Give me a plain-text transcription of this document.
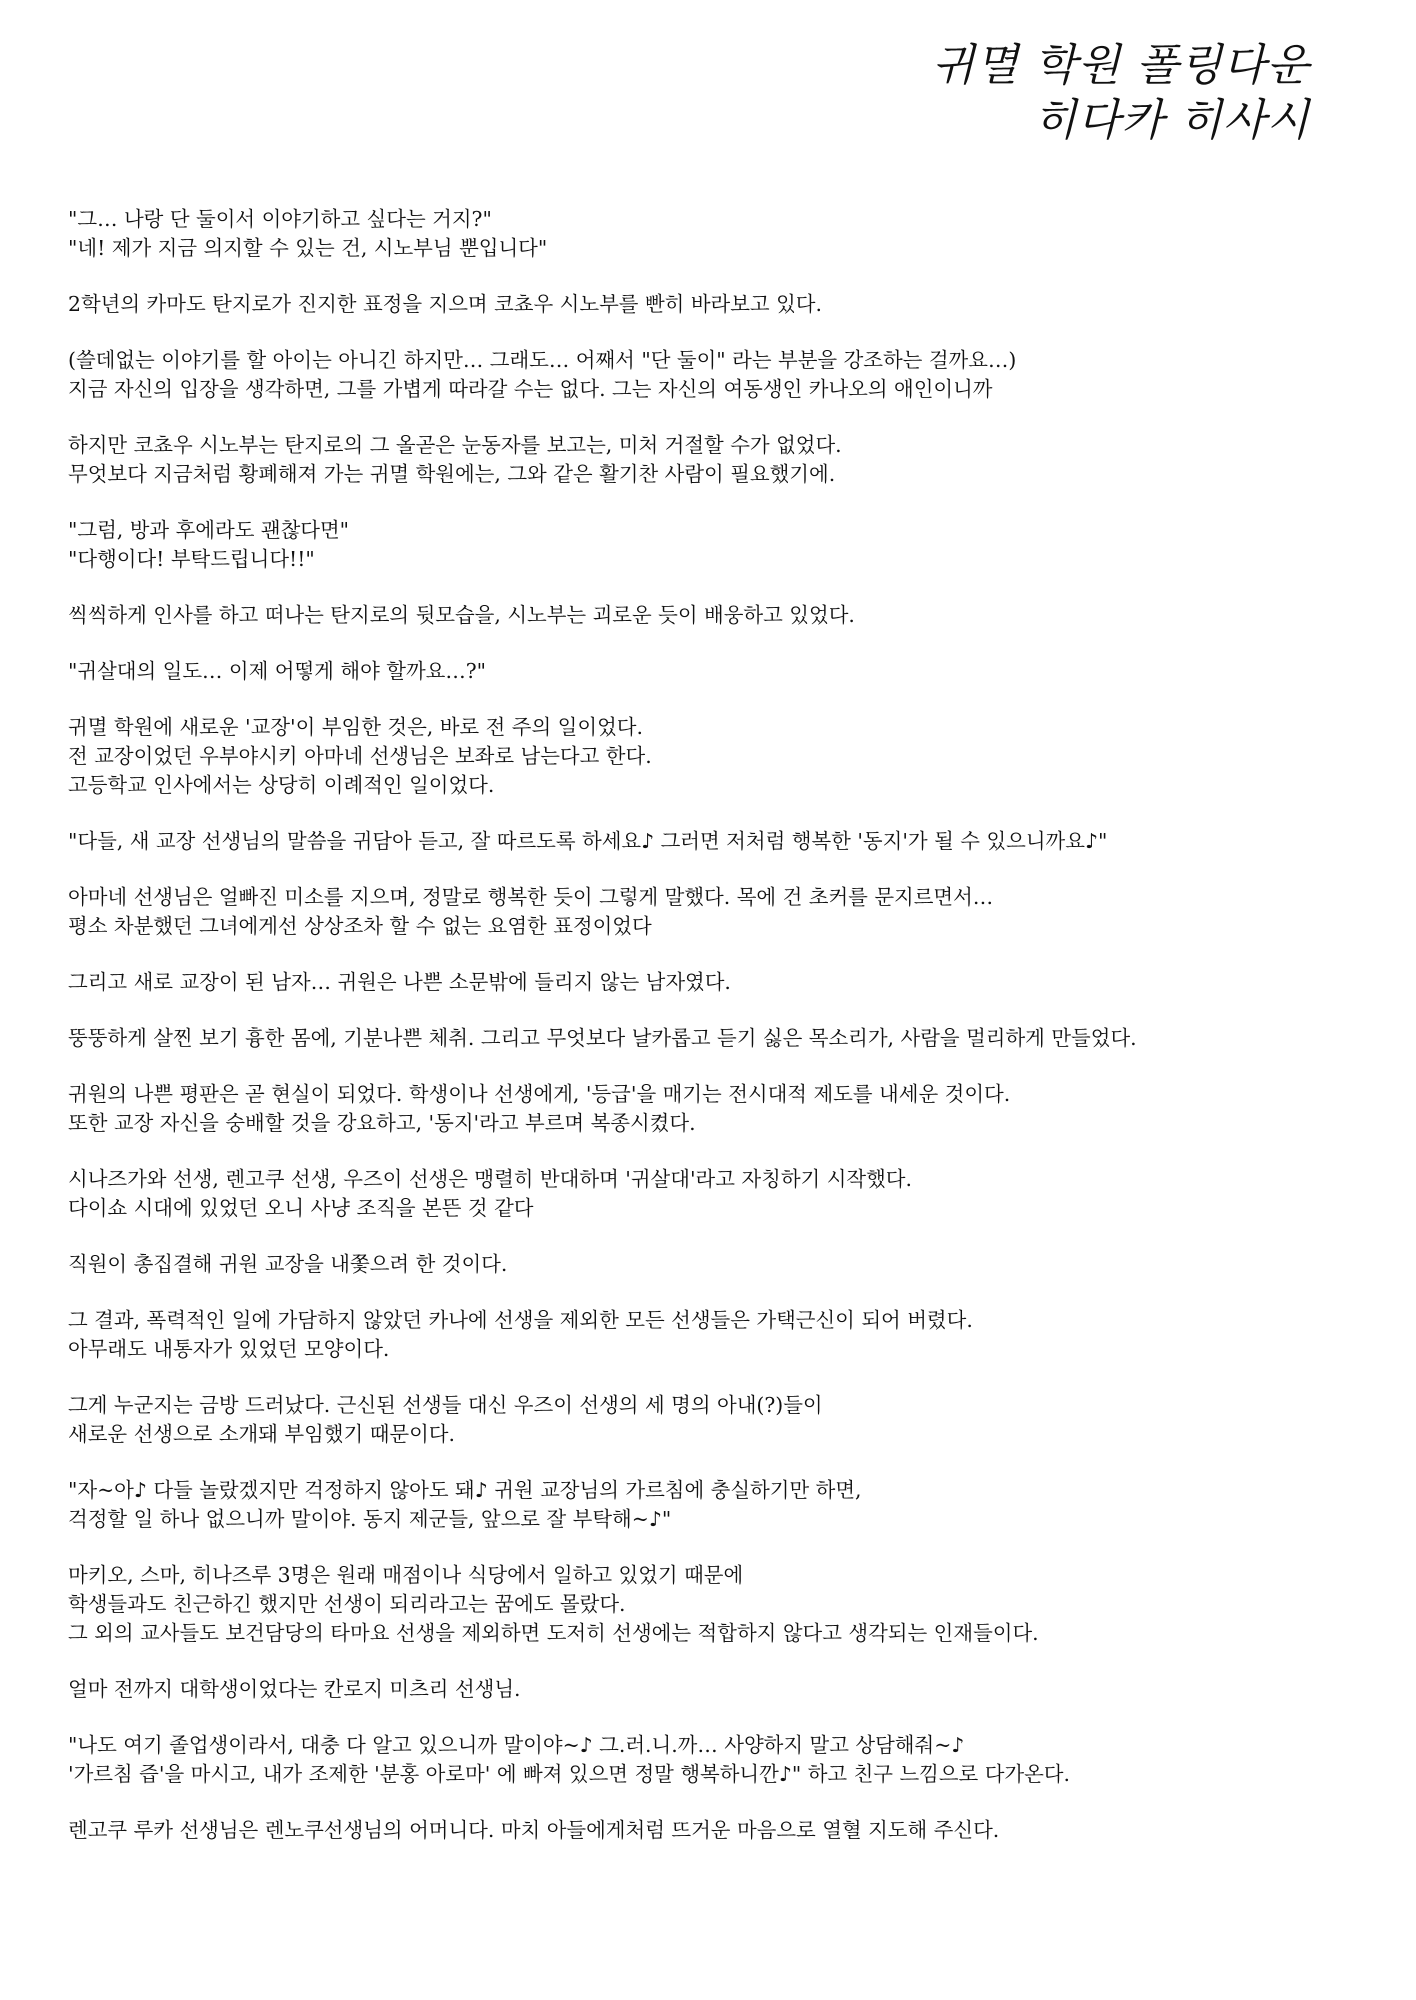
귀멸 학원 폴링다운
히다카 히사시
"그… 나랑 단 둘이서 이야기하고 싶다는 거지?"
"네! 제가 지금 의지할 수 있는 건, 시노부님 뿐입니다"
2학년의 카마도 탄지로가 진지한 표정을 지으며 코쵸우 시노부를 빤히 바라보고 있다.
(쓸데없는 이야기를 할 아이는 아니긴 하지만… 그래도… 어째서 "단 둘이" 라는 부분을 강조하는 걸까요…)
지금 자신의 입장을 생각하면, 그를 가볍게 따라갈 수는 없다. 그는 자신의 여동생인 카나오의 애인이니까
하지만 코쵸우 시노부는 탄지로의 그 올곧은 눈동자를 보고는, 미처 거절할 수가 없었다.
무엇보다 지금처럼 황폐해져 가는 귀멸 학원에는, 그와 같은 활기찬 사람이 필요했기에.
"그럼, 방과 후에라도 괜찮다면"
"다행이다! 부탁드립니다!!"
씩씩하게 인사를 하고 떠나는 탄지로의 뒷모습을, 시노부는 괴로운 듯이 배웅하고 있었다.
"귀살대의 일도… 이제 어떻게 해야 할까요…?"
귀멸 학원에 새로운 '교장'이 부임한 것은, 바로 전 주의 일이었다.
전 교장이었던 우부야시키 아마네 선생님은 보좌로 남는다고 한다.
고등학교 인사에서는 상당히 이례적인 일이었다.
"다들, 새 교장 선생님의 말씀을 귀담아 듣고, 잘 따르도록 하세요♪ 그러면 저처럼 행복한 '동지'가 될 수 있으니까요♪"
아마네 선생님은 얼빠진 미소를 지으며, 정말로 행복한 듯이 그렇게 말했다. 목에 건 초커를 문지르면서…
평소 차분했던 그녀에게선 상상조차 할 수 없는 요염한 표정이었다
그리고 새로 교장이 된 남자… 귀원은 나쁜 소문밖에 들리지 않는 남자였다.
뚱뚱하게 살찐 보기 흉한 몸에, 기분나쁜 체취. 그리고 무엇보다 날카롭고 듣기 싫은 목소리가, 사람을 멀리하게 만들었다.
귀원의 나쁜 평판은 곧 현실이 되었다. 학생이나 선생에게, '등급'을 매기는 전시대적 제도를 내세운 것이다.
또한 교장 자신을 숭배할 것을 강요하고, '동지'라고 부르며 복종시켰다.
시나즈가와 선생, 렌고쿠 선생, 우즈이 선생은 맹렬히 반대하며 '귀살대'라고 자칭하기 시작했다.
다이쇼 시대에 있었던 오니 사냥 조직을 본뜬 것 같다
직원이 총집결해 귀원 교장을 내쫓으려 한 것이다.
그 결과, 폭력적인 일에 가담하지 않았던 카나에 선생을 제외한 모든 선생들은 가택근신이 되어 버렸다.
아무래도 내통자가 있었던 모양이다.
그게 누군지는 금방 드러났다. 근신된 선생들 대신 우즈이 선생의 세 명의 아내(?)들이
새로운 선생으로 소개돼 부임했기 때문이다.
"자~아♪ 다들 놀랐겠지만 걱정하지 않아도 돼♪ 귀원 교장님의 가르침에 충실하기만 하면,
걱정할 일 하나 없으니까 말이야. 동지 제군들, 앞으로 잘 부탁해~♪"
마키오, 스마, 히나즈루 3명은 원래 매점이나 식당에서 일하고 있었기 때문에
학생들과도 친근하긴 했지만 선생이 되리라고는 꿈에도 몰랐다.
그 외의 교사들도 보건담당의 타마요 선생을 제외하면 도저히 선생에는 적합하지 않다고 생각되는 인재들이다.
얼마 전까지 대학생이었다는 칸로지 미츠리 선생님.
"나도 여기 졸업생이라서, 대충 다 알고 있으니까 말이야~♪ 그.러.니.까… 사양하지 말고 상담해줘~♪
'가르침 즙'을 마시고, 내가 조제한 '분홍 아로마' 에 빠져 있으면 정말 행복하니깐♪" 하고 친구 느낌으로 다가온다.
렌고쿠 루카 선생님은 렌노쿠선생님의 어머니다. 마치 아들에게처럼 뜨거운 마음으로 열혈 지도해 주신다.
